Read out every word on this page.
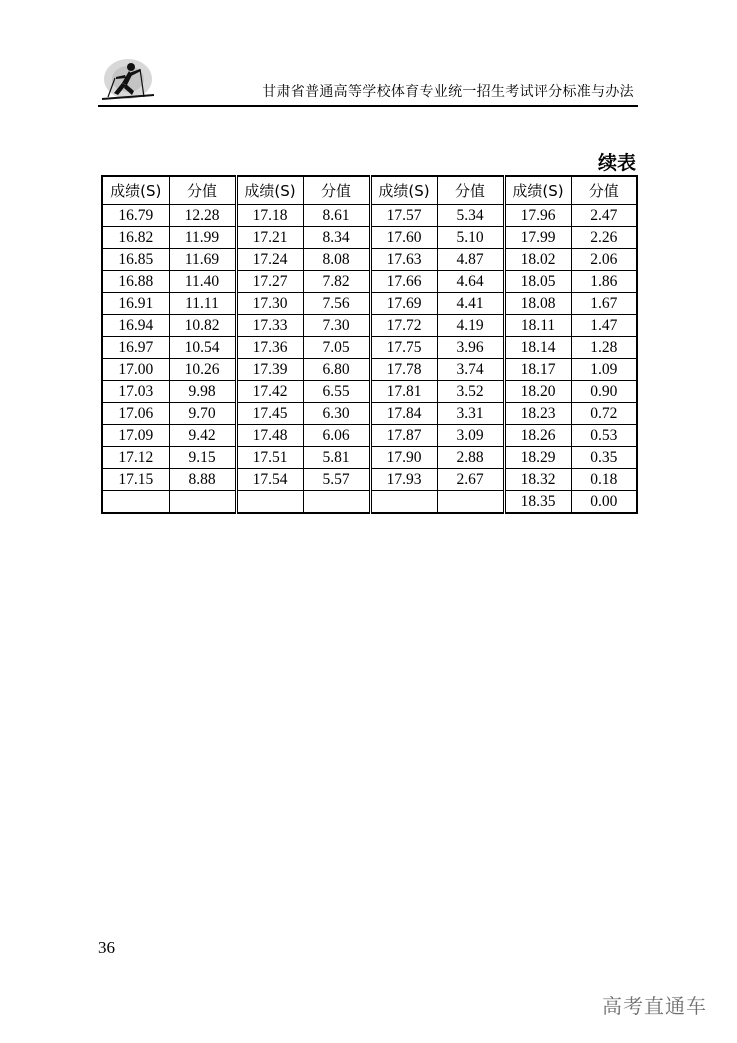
甘肃省普通高等学校体育专业统一招生考试评分标准与办法
续表
成绩(S)	分值	成绩(S)	分值	成绩(S)	分值	成绩(S)	分值
16.79	12.28	17.18	8.61	17.57	5.34	17.96	2.47
16.82	11.99	17.21	8.34	17.60	5.10	17.99	2.26
16.85	11.69	17.24	8.08	17.63	4.87	18.02	2.06
16.88	11.40	17.27	7.82	17.66	4.64	18.05	1.86
16.91	11.11	17.30	7.56	17.69	4.41	18.08	1.67
16.94	10.82	17.33	7.30	17.72	4.19	18.11	1.47
16.97	10.54	17.36	7.05	17.75	3.96	18.14	1.28
17.00	10.26	17.39	6.80	17.78	3.74	18.17	1.09
17.03	9.98	17.42	6.55	17.81	3.52	18.20	0.90
17.06	9.70	17.45	6.30	17.84	3.31	18.23	0.72
17.09	9.42	17.48	6.06	17.87	3.09	18.26	0.53
17.12	9.15	17.51	5.81	17.90	2.88	18.29	0.35
17.15	8.88	17.54	5.57	17.93	2.67	18.32	0.18
						18.35	0.00
36
高考直通车
